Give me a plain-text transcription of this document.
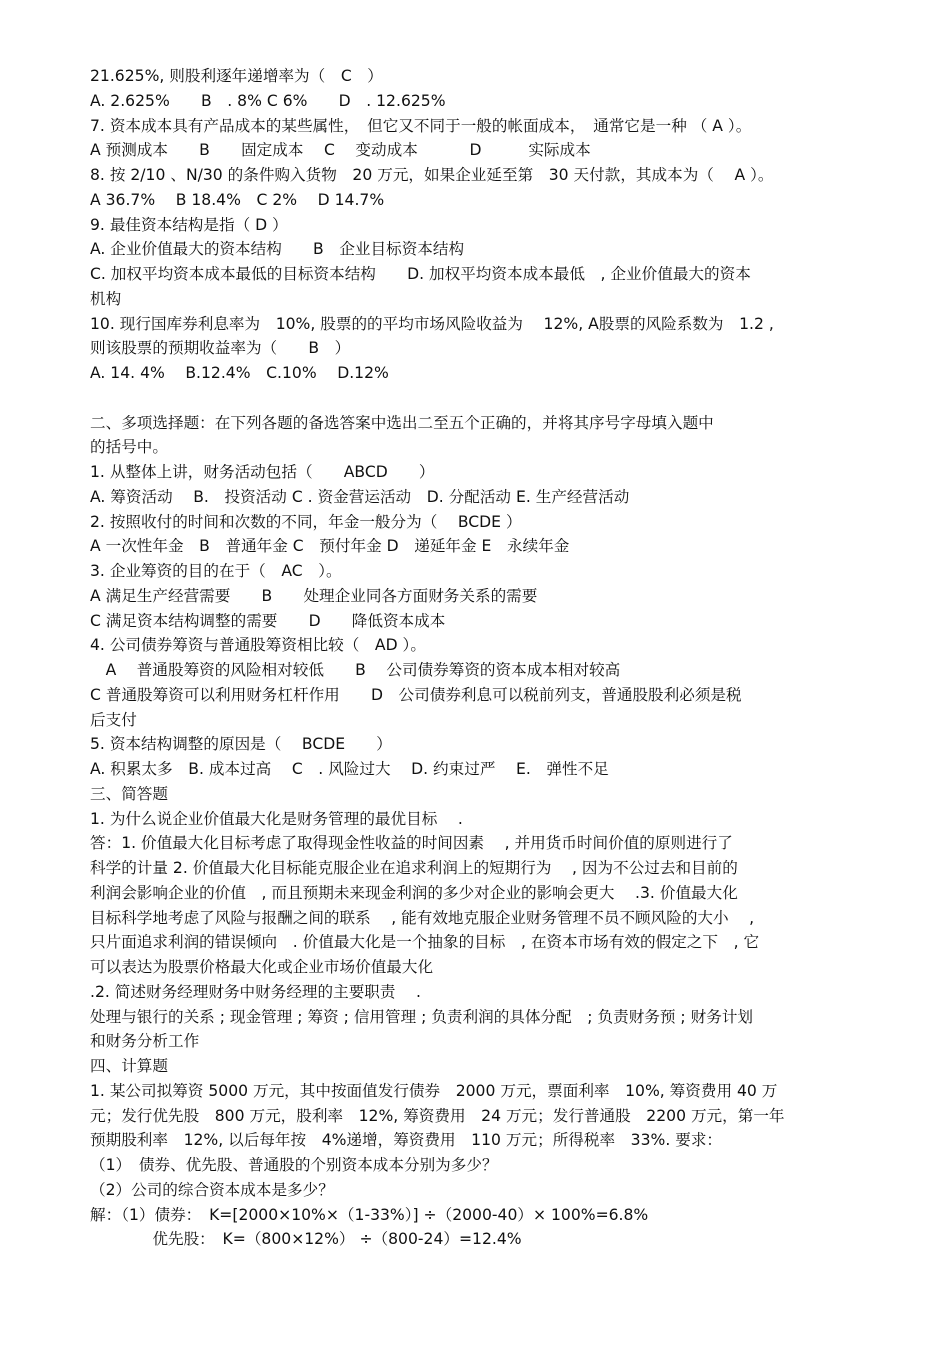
21.625%, 则股利逐年递增率为（　C　）
A. 2.625%　　B　. 8% C 6%　　D　. 12.625%
7. 资本成本具有产品成本的某些属性，　但它又不同于一般的帐面成本，　通常它是一种 （ A ）。
A 预测成本　　B　　固定成本　 C　 变动成本　　　 D　　　实际成本
8. 按 2/10 、N/30 的条件购入货物　20 万元，如果企业延至第　30 天付款，其成本为（　 A ）。
A 36.7%　 B 18.4%　C 2%　 D 14.7%
9. 最佳资本结构是指（ D ）
A. 企业价值最大的资本结构　　B　企业目标资本结构
C. 加权平均资本成本最低的目标资本结构　　D. 加权平均资本成本最低　, 企业价值最大的资本
机构
10. 现行国库券利息率为　10%, 股票的的平均市场风险收益为　 12%, A股票的风险系数为　1.2 ,
则该股票的预期收益率为（　　B　）
A. 14. 4%　 B.12.4%　C.10%　 D.12%
二、多项选择题：在下列各题的备选答案中选出二至五个正确的，并将其序号字母填入题中
的括号中。
1. 从整体上讲，财务活动包括（　　ABCD　　）
A. 筹资活动　 B.　投资活动 C . 资金营运活动　D. 分配活动 E. 生产经营活动
2. 按照收付的时间和次数的不同，年金一般分为（　 BCDE ）
A 一次性年金　B　普通年金 C　预付年金 D　递延年金 E　永续年金
3. 企业筹资的目的在于（　AC　）。
A 满足生产经营需要　　B　　处理企业同各方面财务关系的需要
C 满足资本结构调整的需要　　D　　降低资本成本
4. 公司债券筹资与普通股筹资相比较（　AD ）。
　A　 普通股筹资的风险相对较低　　B　 公司债券筹资的资本成本相对较高
C 普通股筹资可以利用财务杠杆作用　　D　公司债券利息可以税前列支，普通股股利必须是税
后支付
5. 资本结构调整的原因是（　 BCDE　　）
A. 积累太多　B. 成本过高　 C　. 风险过大　 D. 约束过严　 E.　弹性不足
三、简答题
1. 为什么说企业价值最大化是财务管理的最优目标　 .
答：1. 价值最大化目标考虑了取得现金性收益的时间因素　 , 并用货币时间价值的原则进行了
科学的计量 2. 价值最大化目标能克服企业在追求利润上的短期行为　 , 因为不公过去和目前的
利润会影响企业的价值　, 而且预期未来现金利润的多少对企业的影响会更大　 .3. 价值最大化
目标科学地考虑了风险与报酬之间的联系　 , 能有效地克服企业财务管理不员不顾风险的大小　 ,
只片面追求利润的错误倾向　. 价值最大化是一个抽象的目标　, 在资本市场有效的假定之下　, 它
可以表达为股票价格最大化或企业市场价值最大化
.2. 简述财务经理财务中财务经理的主要职责　 .
处理与银行的关系 ; 现金管理 ; 筹资 ; 信用管理 ; 负责利润的具体分配　; 负责财务预 ; 财务计划
和财务分析工作
四、计算题
1. 某公司拟筹资 5000 万元，其中按面值发行债券　2000 万元，票面利率　10%, 筹资费用 40 万
元；发行优先股　800 万元，股利率　12%, 筹资费用　24 万元；发行普通股　2200 万元，第一年
预期股利率　12%, 以后每年按　4%递增，筹资费用　110 万元；所得税率　33%. 要求：
（1）　债券、优先股、普通股的个别资本成本分别为多少？
（2）公司的综合资本成本是多少？
解：（1）债券：　K=[2000×10%×（1-33%）] ÷（2000-40）× 100%=6.8%
　　　　优先股：　K=（800×12%） ÷（800-24）=12.4%
